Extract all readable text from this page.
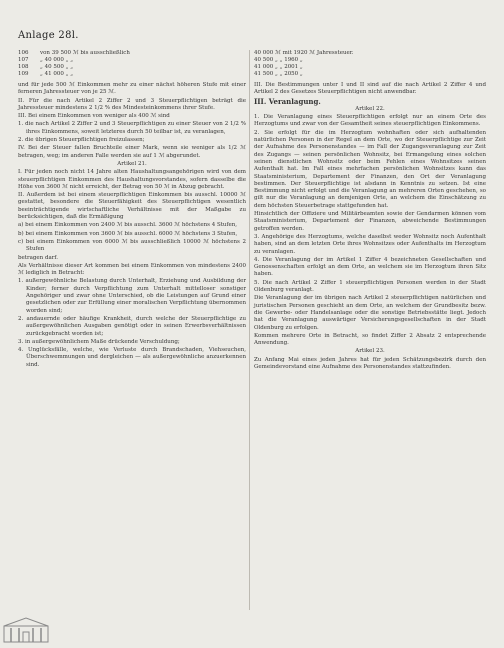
Anlage 28l.
106	von 39 500 ℳ bis ausschließlich
107	„ 40 000 „ „
108	„ 40 500 „ „
109	„ 41 000 „ „

und für jede 500 ℳ Einkommen mehr zu einer nächst höheren Stufe mit einer ferneren Jahressteuer von je 25 ℳ.

II. Für die nach Artikel 2 Ziffer 2 und 3 Steuerpflichtigen beträgt die Jahressteuer mindestens 2 1/2 % des Mindesteinkommens ihrer Stufe.

III. Bei einem Einkommen von weniger als 400 ℳ sind

1. die nach Artikel 2 Ziffer 2 und 3 Steuerpflichtigen zu einer Steuer von 2 1/2 % ihres Einkommens, soweit letzteres durch 50 teilbar ist, zu veranlagen,

2. die übrigen Steuerpflichtigen freizulassen;

IV. Bei der Steuer fallen Bruchteile einer Mark, wenn sie weniger als 1/2 ℳ betragen, weg; im anderen Falle werden sie auf 1 ℳ abgerundet.

Artikel 21.

I. Für jeden noch nicht 14 Jahre alten Haushaltungsangehörigen wird von dem steuerpflichtigen Einkommen des Haushaltungsvorstandes, sofern dasselbe die Höhe von 3600 ℳ nicht erreicht, der Betrag von 50 ℳ in Abzug gebracht.

II. Außerdem ist bei einem steuerpflichtigen Einkommen bis ausschl. 10000 ℳ gestattet, besondere die Steuerfähigkeit des Steuerpflichtigen wesentlich beeinträchtigende wirtschaftliche Verhältnisse mit der Maßgabe zu berücksichtigen, daß die Ermäßigung

a) bei einem Einkommen von 2400 ℳ bis ausschl. 3600 ℳ höchstens 4 Stufen,

b) bei einem Einkommen von 3600 ℳ bis ausschl. 6000 ℳ höchstens 3 Stufen,

c) bei einem Einkommen von 6000 ℳ bis ausschließlich 10000 ℳ höchstens 2 Stufen

betragen darf.

Als Verhältnisse dieser Art kommen bei einem Einkommen von mindestens 2400 ℳ lediglich in Betracht:

1. außergewöhnliche Belastung durch Unterhalt, Erziehung und Ausbildung der Kinder; ferner durch Verpflichtung zum Unterhalt mittelloser sonstiger Angehöriger und zwar ohne Unterschied, ob die Leistungen auf Grund einer gesetzlichen oder zur Erfüllung einer moralischen Verpflichtung übernommen worden sind;

2. andauernde oder häufige Krankheit, durch welche der Steuerpflichtige zu außergewöhnlichen Ausgaben genötigt oder in seinen Erwerbsverhältnissen zurückgebracht worden ist;

3. in außergewöhnlichem Maße drückende Verschuldung;

4. Unglücksfälle, welche, wie Verluste durch Brandschaden, Viehseuchen, Überschwemmungen und dergleichen — als außergewöhnliche anzuerkennen sind.

40 000 ℳ mit 1920 ℳ Jahressteuer.
40 500 „ „ 1960 „
41 000 „ „ 2001 „
41 500 „ „ 2050 „

III. Die Bestimmungen unter I und II sind auf die nach Artikel 2 Ziffer 4 und Artikel 2 des Gesetzes Steuerpflichtigen nicht anwendbar.

III. Veranlagung.

Artikel 22.

1. Die Veranlagung eines Steuerpflichtigen erfolgt nur an einem Orte des Herzogtums und zwar von der Gesamtheit seines steuerpflichtigen Einkommens.

2. Sie erfolgt für die im Herzogtum wohnhaften oder sich aufhaltenden natürlichen Personen in der Regel an dem Orte, wo der Steuerpflichtige zur Zeit der Aufnahme des Personenstandes — im Fall der Zugangsveranlagung zur Zeit des Zugangs — seinen persönlichen Wohnsitz, bei Ermangelung eines solchen seinen dienstlichen Wohnsitz oder beim Fehlen eines Wohnsitzes seinen Aufenthalt hat. Im Fall eines mehrfachen persönlichen Wohnsitzes kann das Staatsministerium, Departement der Finanzen, den Ort der Veranlagung bestimmen. Der Steuerpflichtige ist alsdann in Kenntnis zu setzen. Ist eine Bestimmung nicht erfolgt und die Veranlagung an mehreren Orten geschehen, so gilt nur die Veranlagung an demjenigen Orte, an welchem die Einschätzung zu dem höchsten Steuerbetrage stattgefunden hat.

Hinsichtlich der Offiziere und Militärbeamten sowie der Gendarmen können vom Staatsministerium, Departement der Finanzen, abweichende Bestimmungen getroffen werden.

3. Angehörige des Herzogtums, welche daselbst weder Wohnsitz noch Aufenthalt haben, sind an dem letzten Orte ihres Wohnsitzes oder Aufenthalts im Herzogtum zu veranlagen.

4. Die Veranlagung der im Artikel 1 Ziffer 4 bezeichneten Gesellschaften und Genossenschaften erfolgt an dem Orte, an welchem sie im Herzogtum ihren Sitz haben.

5. Die nach Artikel 2 Ziffer 1 steuerpflichtigen Personen werden in der Stadt Oldenburg veranlagt.

Die Veranlagung der im übrigen nach Artikel 2 steuerpflichtigen natürlichen und juristischen Personen geschieht an dem Orte, an welchem der Grundbesitz bezw. die Gewerbe- oder Handelsanlage oder die sonstige Betriebsstätte liegt. Jedoch hat die Veranlagung auswärtiger Versicherungsgesellschaften in der Stadt Oldenburg zu erfolgen.

Kommen mehrere Orte in Betracht, so findet Ziffer 2 Absatz 2 entsprechende Anwendung.

Artikel 23.

Zu Anfang Mai eines jeden Jahres hat für jeden Schätzungsbezirk durch den Gemeindevorstand eine Aufnahme des Personenstandes stattzufinden.
